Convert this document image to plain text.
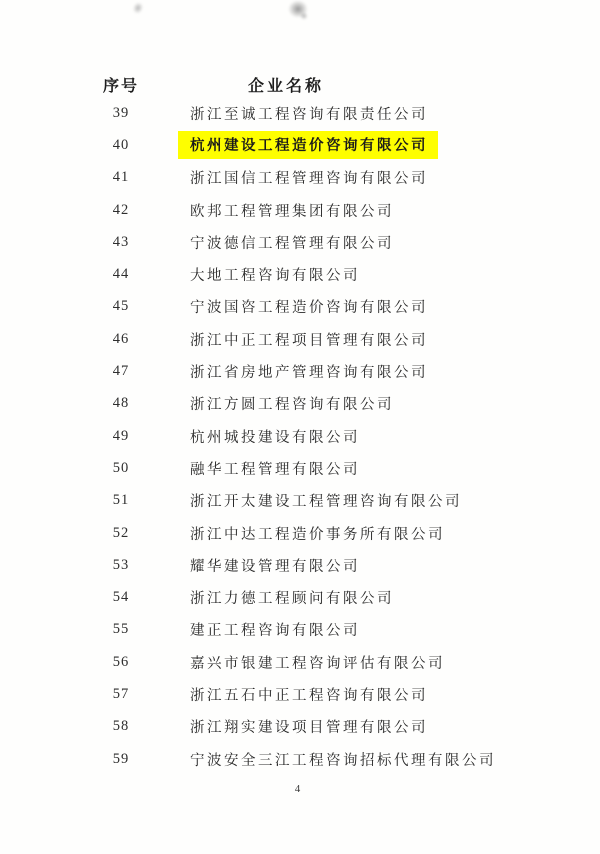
序号	企业名称
39	浙江至诚工程咨询有限责任公司
40	杭州建设工程造价咨询有限公司
41	浙江国信工程管理咨询有限公司
42	欧邦工程管理集团有限公司
43	宁波德信工程管理有限公司
44	大地工程咨询有限公司
45	宁波国咨工程造价咨询有限公司
46	浙江中正工程项目管理有限公司
47	浙江省房地产管理咨询有限公司
48	浙江方圆工程咨询有限公司
49	杭州城投建设有限公司
50	融华工程管理有限公司
51	浙江开太建设工程管理咨询有限公司
52	浙江中达工程造价事务所有限公司
53	耀华建设管理有限公司
54	浙江力德工程顾问有限公司
55	建正工程咨询有限公司
56	嘉兴市银建工程咨询评估有限公司
57	浙江五石中正工程咨询有限公司
58	浙江翔实建设项目管理有限公司
59	宁波安全三江工程咨询招标代理有限公司
4
